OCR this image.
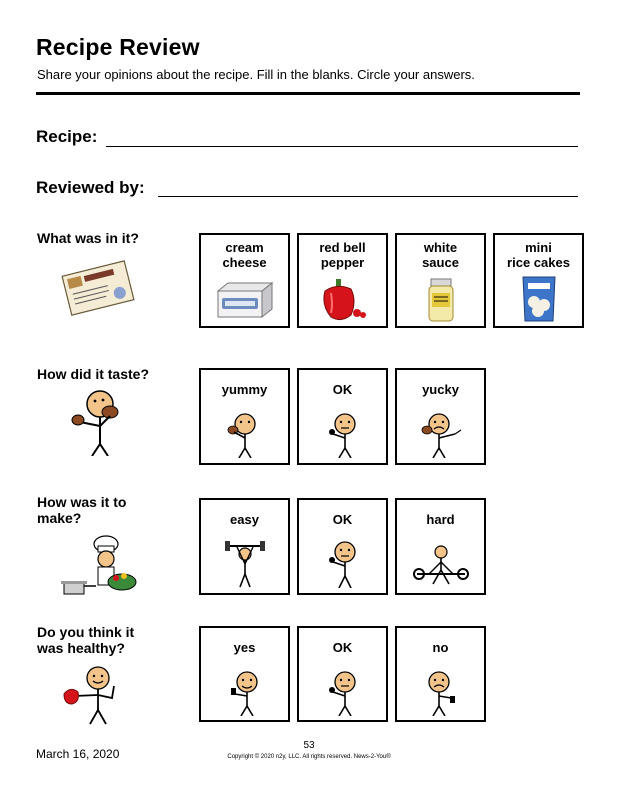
Recipe Review
Share your opinions about the recipe. Fill in the blanks. Circle your answers.
Recipe:
Reviewed by:
What was in it?
cream
cheese
red bell
pepper
white
sauce
mini
rice cakes
How did it taste?
yummy	OK	yucky
How was it to
make?	easy	OK	hard
Do you think it
was healthy?	yes	OK	no
March 16, 2020
53
Copyright © 2020 n2y, LLC. All rights reserved. News-2-You®
